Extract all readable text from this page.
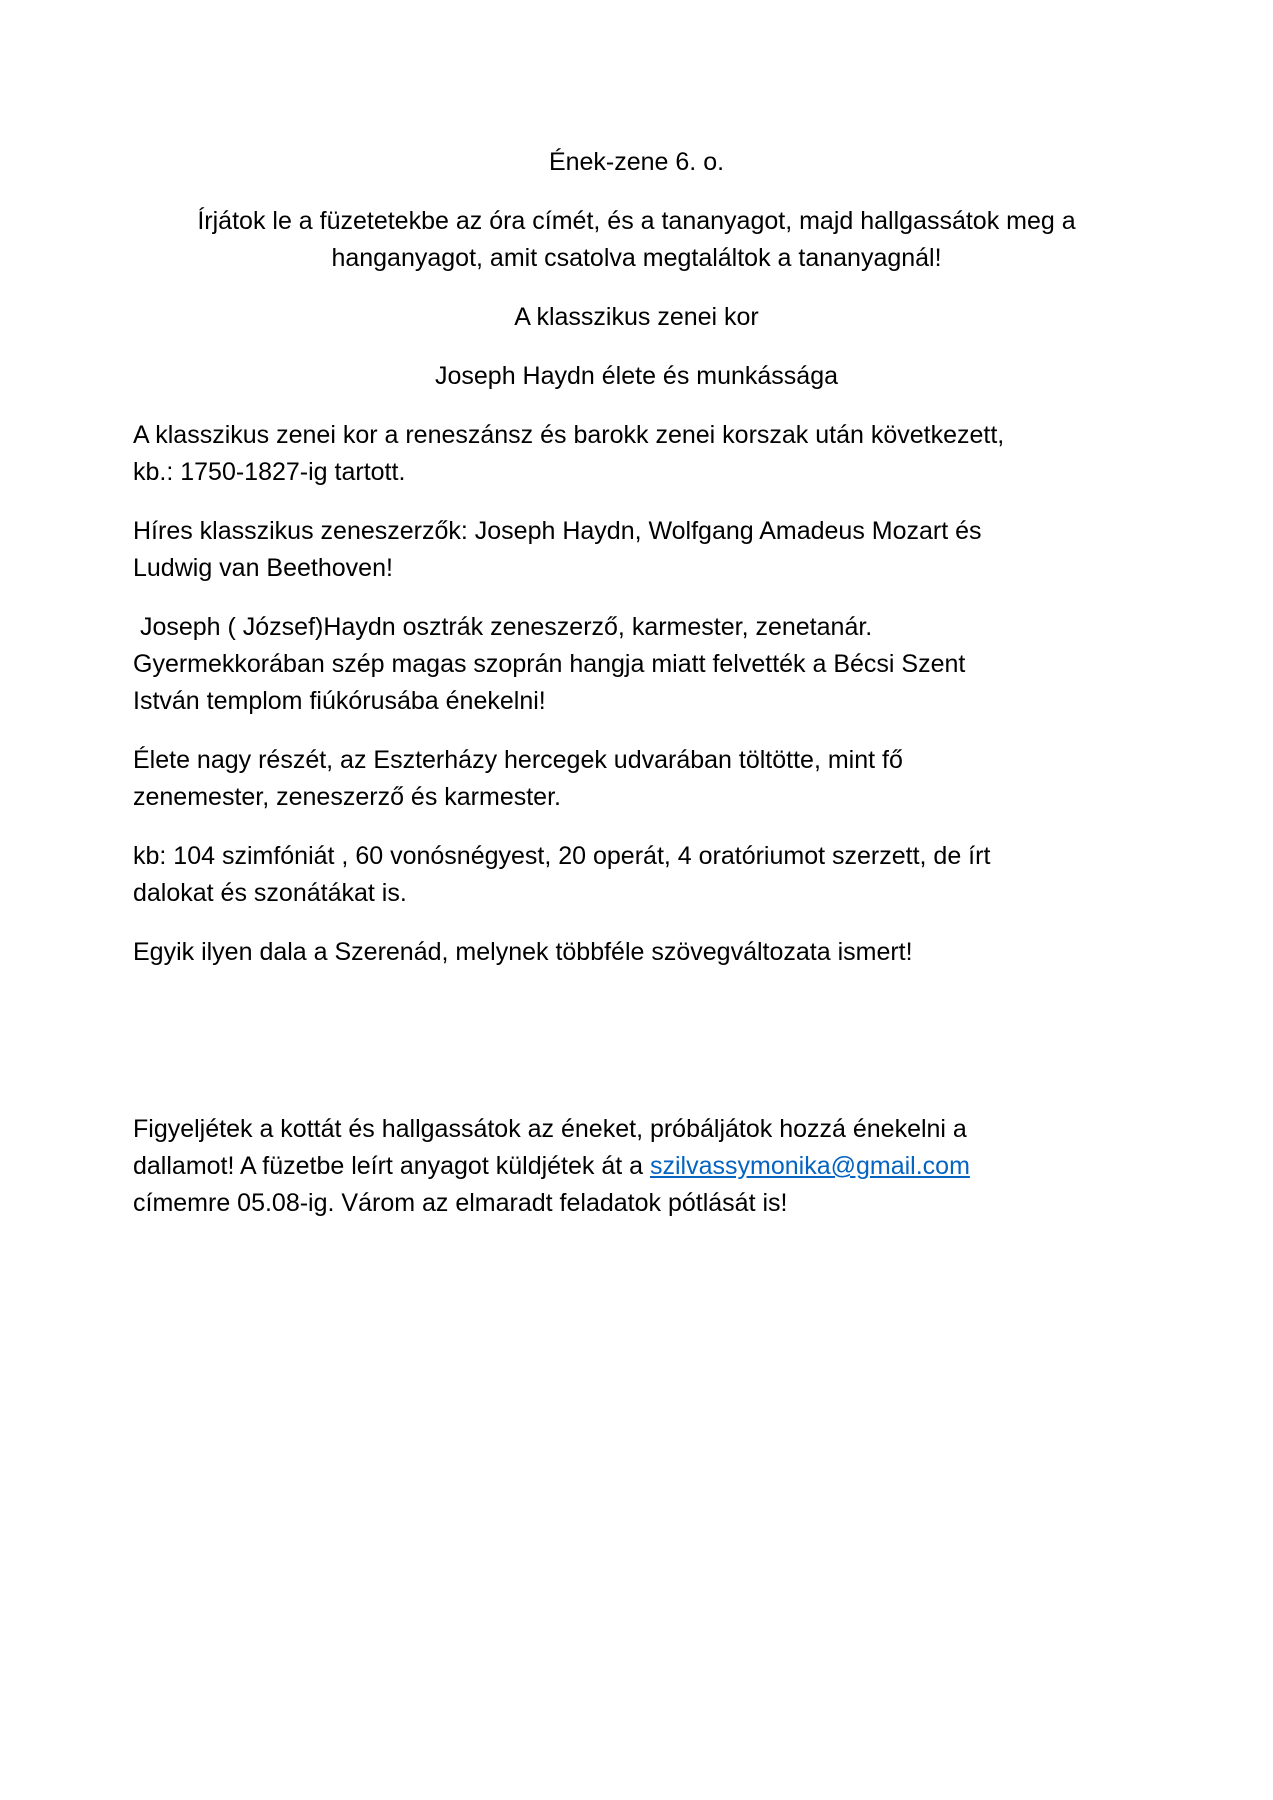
Ének-zene 6. o.
Írjátok le a füzetetekbe az óra címét, és a tananyagot, majd hallgassátok meg a
hanganyagot, amit csatolva megtaláltok a tananyagnál!
A klasszikus zenei kor
Joseph Haydn élete és munkássága
A klasszikus zenei kor a reneszánsz és barokk zenei korszak után következett,
kb.: 1750-1827-ig tartott.
Híres klasszikus zeneszerzők: Joseph Haydn, Wolfgang Amadeus Mozart és
Ludwig van Beethoven!
Joseph ( József)Haydn osztrák zeneszerző, karmester, zenetanár.
Gyermekkorában szép magas szoprán hangja miatt felvették a Bécsi Szent
István templom fiúkórusába énekelni!
Élete nagy részét, az Eszterházy hercegek udvarában töltötte, mint fő
zenemester, zeneszerző és karmester.
kb: 104 szimfóniát , 60 vonósnégyest, 20 operát, 4 oratóriumot szerzett, de írt
dalokat és szonátákat is.
Egyik ilyen dala a Szerenád, melynek többféle szövegváltozata ismert!

Figyeljétek a kottát és hallgassátok az éneket, próbáljátok hozzá énekelni a
dallamot! A füzetbe leírt anyagot küldjétek át a szilvassymonika@gmail.com
címemre 05.08-ig. Várom az elmaradt feladatok pótlását is!
